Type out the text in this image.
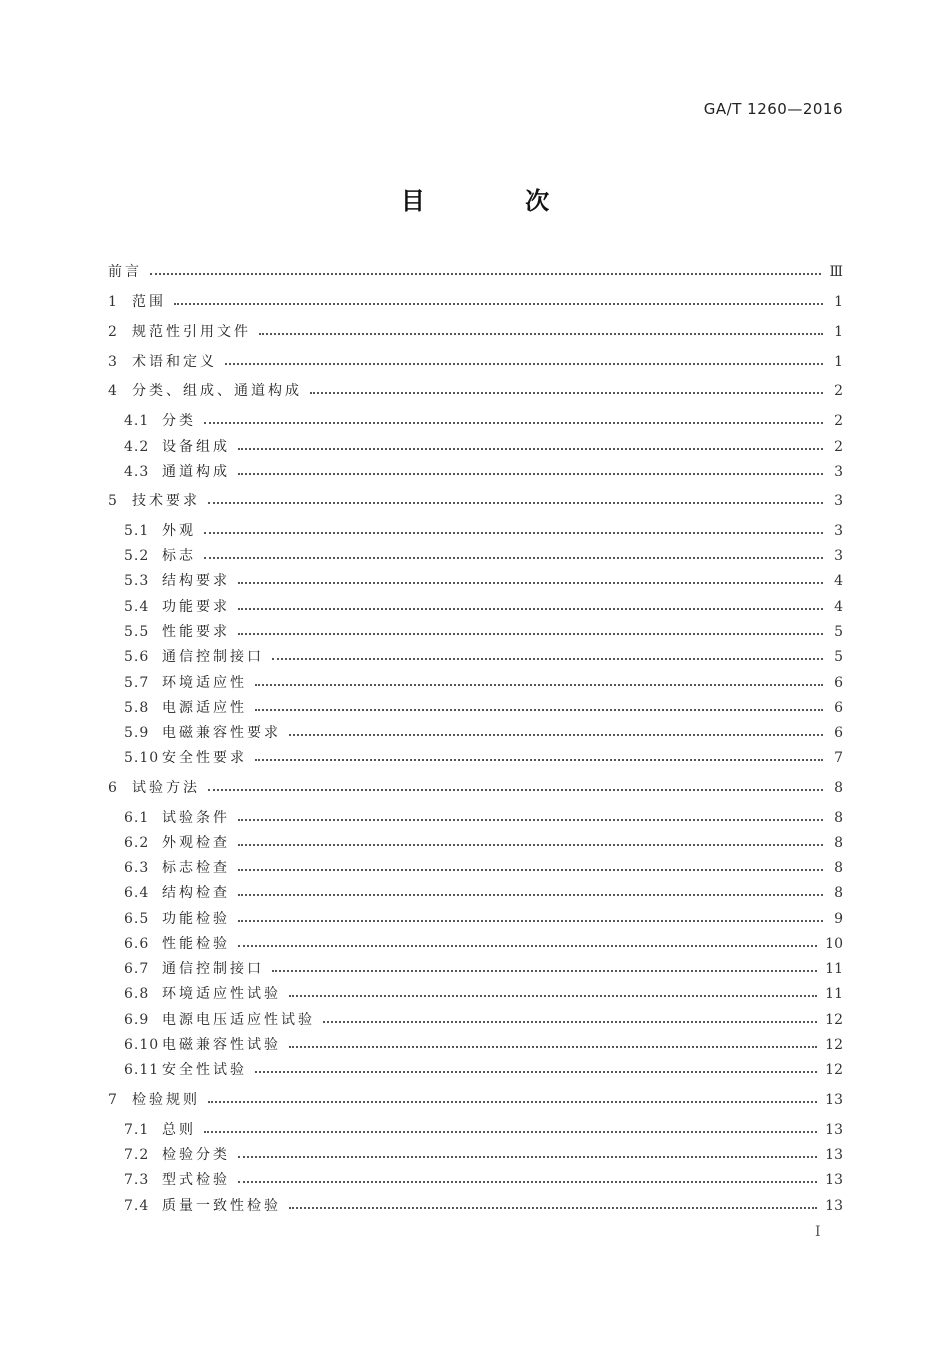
GA/T 1260—2016
目 次
前言	Ⅲ
1	范围	1
2	规范性引用文件	1
3	术语和定义	1
4	分类、组成、通道构成	2
4.1 分类	2
4.2 设备组成	2
4.3 通道构成	3
5	技术要求	3
5.1 外观	3
5.2 标志	3
5.3 结构要求	4
5.4 功能要求	4
5.5 性能要求	5
5.6 通信控制接口	5
5.7 环境适应性	6
5.8 电源适应性	6
5.9 电磁兼容性要求	6
5.10 安全性要求	7
6	试验方法	8
6.1 试验条件	8
6.2 外观检查	8
6.3 标志检查	8
6.4 结构检查	8
6.5 功能检验	9
6.6 性能检验	10
6.7 通信控制接口	11
6.8 环境适应性试验	11
6.9 电源电压适应性试验	12
6.10 电磁兼容性试验	12
6.11 安全性试验	12
7	检验规则	13
7.1 总则	13
7.2 检验分类	13
7.3 型式检验	13
7.4 质量一致性检验	13
Ⅰ
